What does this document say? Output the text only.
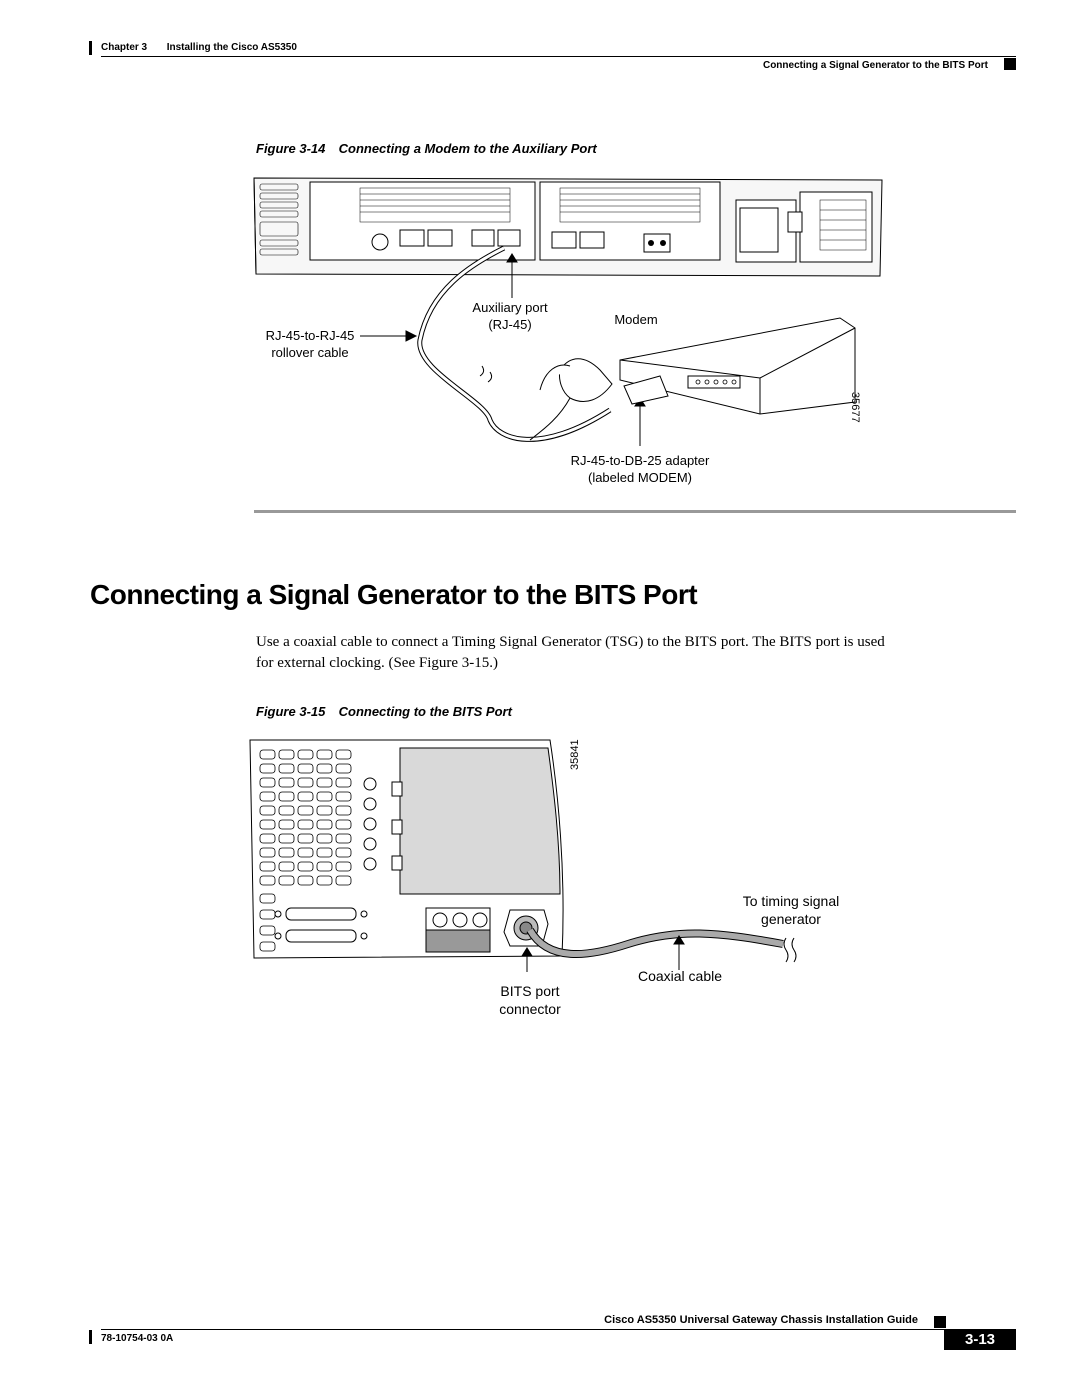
Chapter 3 Installing the Cisco AS5350
Connecting a Signal Generator to the BITS Port
Figure 3-14 Connecting a Modem to the Auxiliary Port
35677
Auxiliary port
(RJ-45)	Modem
RJ-45-to-RJ-45
rollover cable
RJ-45-to-DB-25 adapter
(labeled MODEM)
Connecting a Signal Generator to the BITS Port
Use a coaxial cable to connect a Timing Signal Generator (TSG) to the BITS port. The BITS port is used
for external clocking. (See Figure 3-15.)
Figure 3-15 Connecting to the BITS Port
35841
To timing signal
generator
Coaxial cable
BITS port
connector
Cisco AS5350 Universal Gateway Chassis Installation Guide
78-10754-03 0A	3-13
